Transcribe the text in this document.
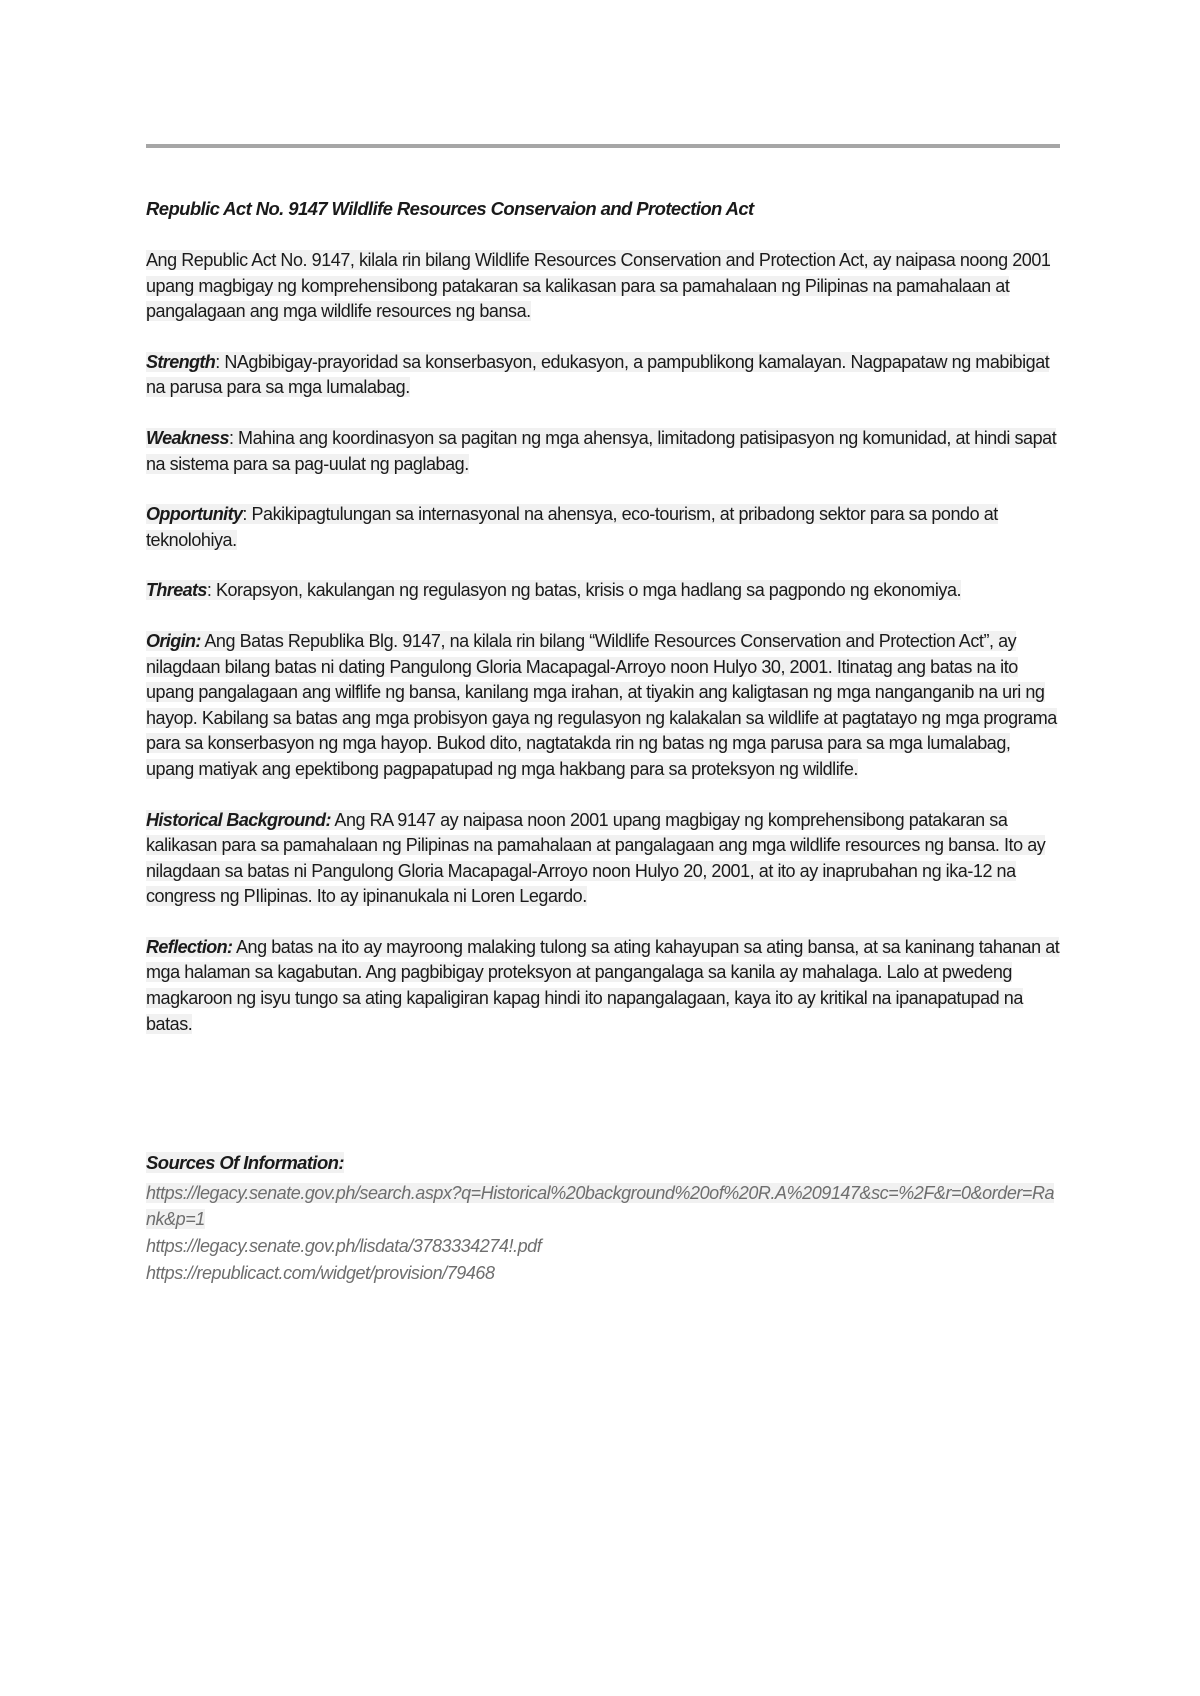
Republic Act No. 9147 Wildlife Resources Conservaion and Protection Act

Ang Republic Act No. 9147, kilala rin bilang Wildlife Resources Conservation and Protection Act, ay naipasa noong 2001 upang magbigay ng komprehensibong patakaran sa kalikasan para sa pamahalaan ng Pilipinas na pamahalaan at pangalagaan ang mga wildlife resources ng bansa.

Strength: NAgbibigay-prayoridad sa konserbasyon, edukasyon, a pampublikong kamalayan. Nagpapataw ng mabibigat na parusa para sa mga lumalabag.

Weakness: Mahina ang koordinasyon sa pagitan ng mga ahensya, limitadong patisipasyon ng komunidad, at hindi sapat na sistema para sa pag-uulat ng paglabag.

Opportunity: Pakikipagtulungan sa internasyonal na ahensya, eco-tourism, at pribadong sektor para sa pondo at teknolohiya.

Threats: Korapsyon, kakulangan ng regulasyon ng batas, krisis o mga hadlang sa pagpondo ng ekonomiya.

Origin: Ang Batas Republika Blg. 9147, na kilala rin bilang “Wildlife Resources Conservation and Protection Act”, ay nilagdaan bilang batas ni dating Pangulong Gloria Macapagal-Arroyo noon Hulyo 30, 2001. Itinatag ang batas na ito upang pangalagaan ang wilflife ng bansa, kanilang mga irahan, at tiyakin ang kaligtasan ng mga nanganganib na uri ng hayop. Kabilang sa batas ang mga probisyon gaya ng regulasyon ng kalakalan sa wildlife at pagtatayo ng mga programa para sa konserbasyon ng mga hayop. Bukod dito, nagtatakda rin ng batas ng mga parusa para sa mga lumalabag, upang matiyak ang epektibong pagpapatupad ng mga hakbang para sa proteksyon ng wildlife.

Historical Background: Ang RA 9147 ay naipasa noon 2001 upang magbigay ng komprehensibong patakaran sa kalikasan para sa pamahalaan ng Pilipinas na pamahalaan at pangalagaan ang mga wildlife resources ng bansa. Ito ay nilagdaan sa batas ni Pangulong Gloria Macapagal-Arroyo noon Hulyo 20, 2001, at ito ay inaprubahan ng ika-12 na congress ng PIlipinas. Ito ay ipinanukala ni Loren Legardo.

Reflection: Ang batas na ito ay mayroong malaking tulong sa ating kahayupan sa ating bansa, at sa kaninang tahanan at mga halaman sa kagabutan. Ang pagbibigay proteksyon at pangangalaga sa kanila ay mahalaga. Lalo at pwedeng magkaroon ng isyu tungo sa ating kapaligiran kapag hindi ito napangalagaan, kaya ito ay kritikal na ipanapatupad na batas.

Sources Of Information:
https://legacy.senate.gov.ph/search.aspx?q=Historical%20background%20of%20R.A%209147&sc=%2F&r=0&order=Rank&p=1
https://legacy.senate.gov.ph/lisdata/3783334274!.pdf
https://republicact.com/widget/provision/79468
